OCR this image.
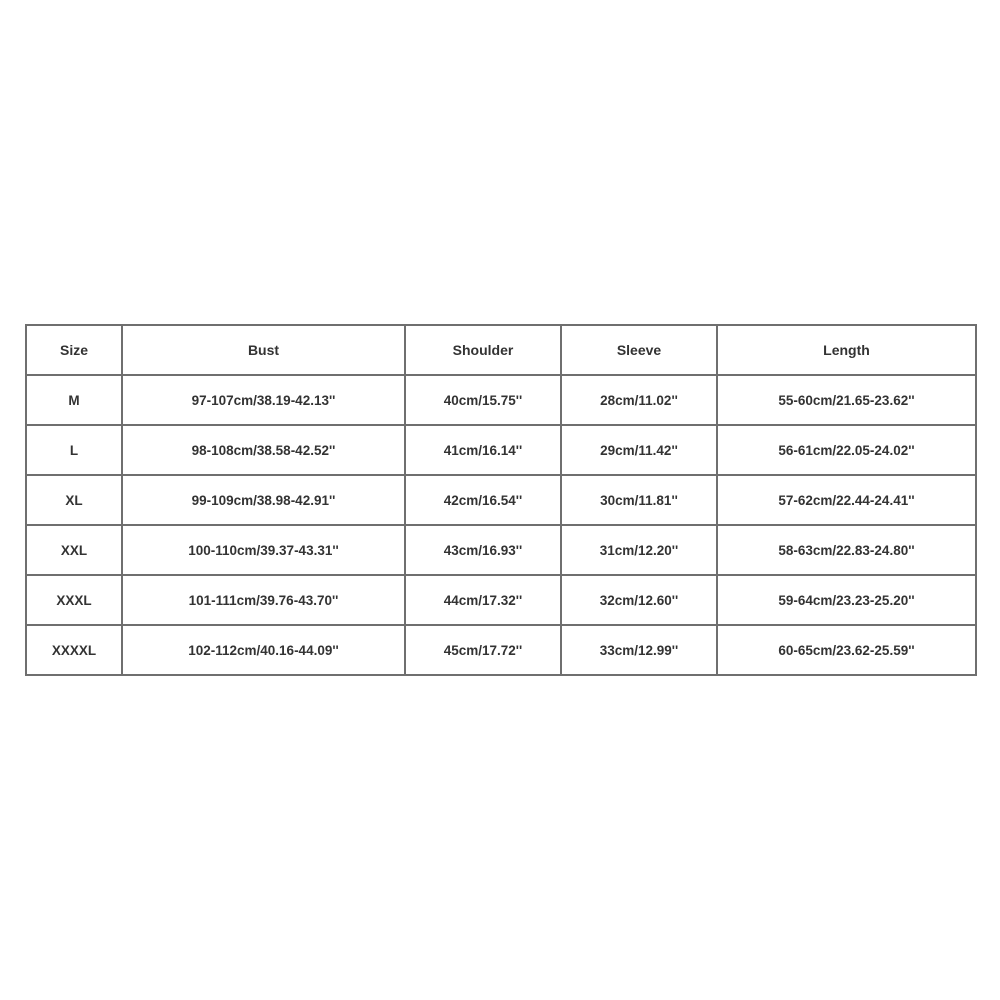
Size	Bust	Shoulder	Sleeve	Length
M	97-107cm/38.19-42.13''	40cm/15.75''	28cm/11.02''	55-60cm/21.65-23.62''
L	98-108cm/38.58-42.52''	41cm/16.14''	29cm/11.42''	56-61cm/22.05-24.02''
XL	99-109cm/38.98-42.91''	42cm/16.54''	30cm/11.81''	57-62cm/22.44-24.41''
XXL	100-110cm/39.37-43.31''	43cm/16.93''	31cm/12.20''	58-63cm/22.83-24.80''
XXXL	101-111cm/39.76-43.70''	44cm/17.32''	32cm/12.60''	59-64cm/23.23-25.20''
XXXXL	102-112cm/40.16-44.09''	45cm/17.72''	33cm/12.99''	60-65cm/23.62-25.59''
